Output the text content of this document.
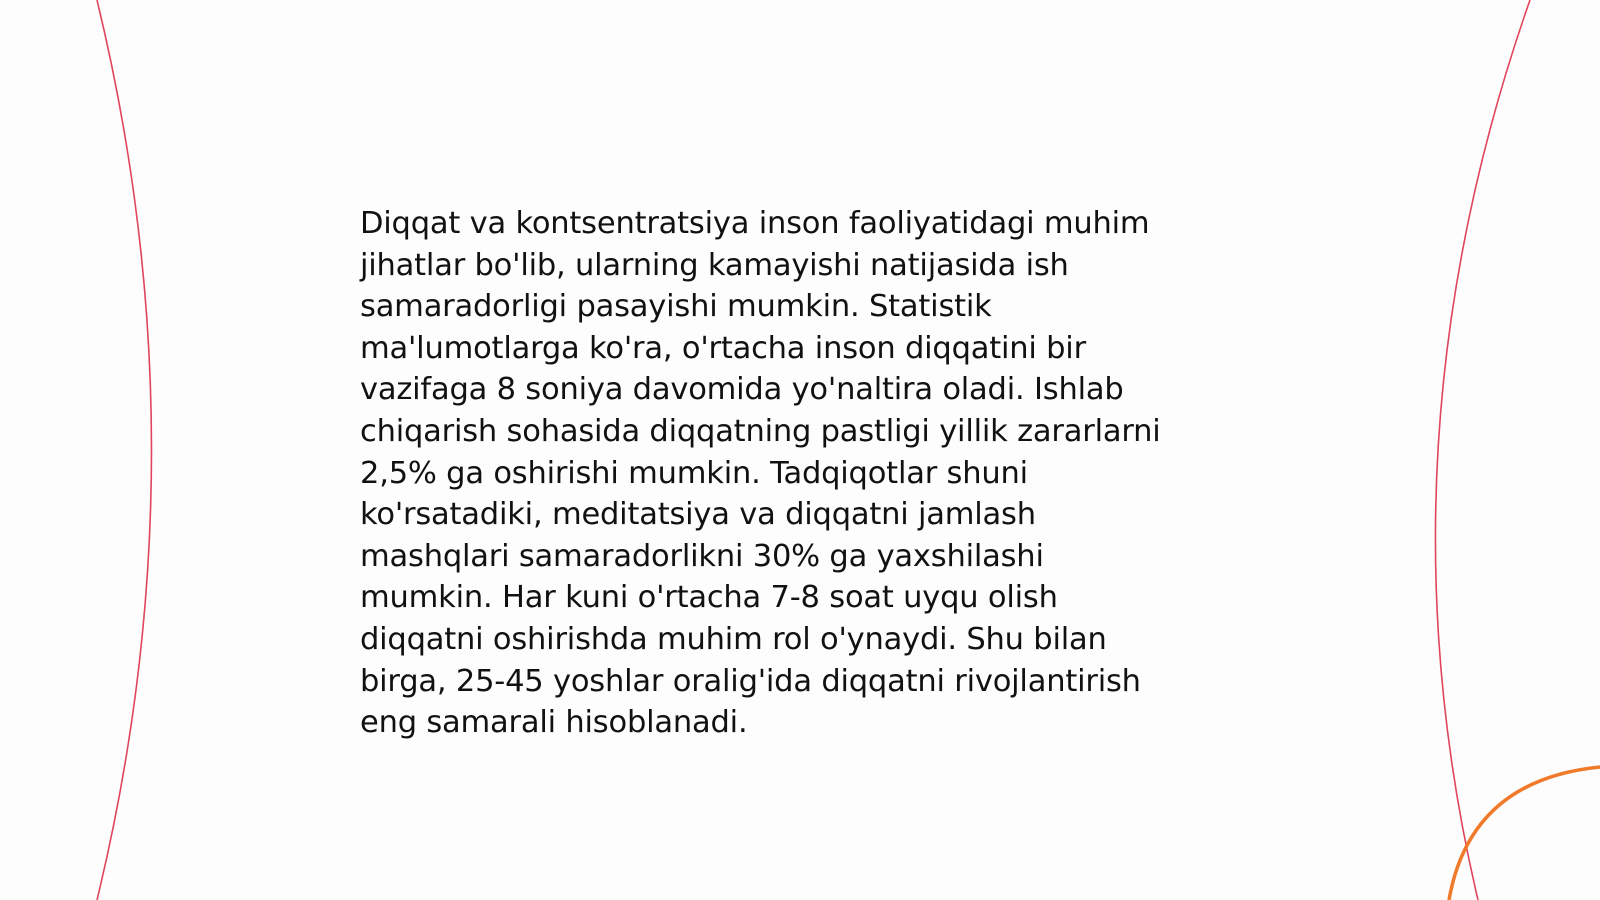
Diqqat va kontsentratsiya inson faoliyatidagi muhim
jihatlar bo'lib, ularning kamayishi natijasida ish
samaradorligi pasayishi mumkin. Statistik
ma'lumotlarga ko'ra, o'rtacha inson diqqatini bir
vazifaga 8 soniya davomida yo'naltira oladi. Ishlab
chiqarish sohasida diqqatning pastligi yillik zararlarni
2,5% ga oshirishi mumkin. Tadqiqotlar shuni
ko'rsatadiki, meditatsiya va diqqatni jamlash
mashqlari samaradorlikni 30% ga yaxshilashi
mumkin. Har kuni o'rtacha 7-8 soat uyqu olish
diqqatni oshirishda muhim rol o'ynaydi. Shu bilan
birga, 25-45 yoshlar oralig'ida diqqatni rivojlantirish
eng samarali hisoblanadi.
